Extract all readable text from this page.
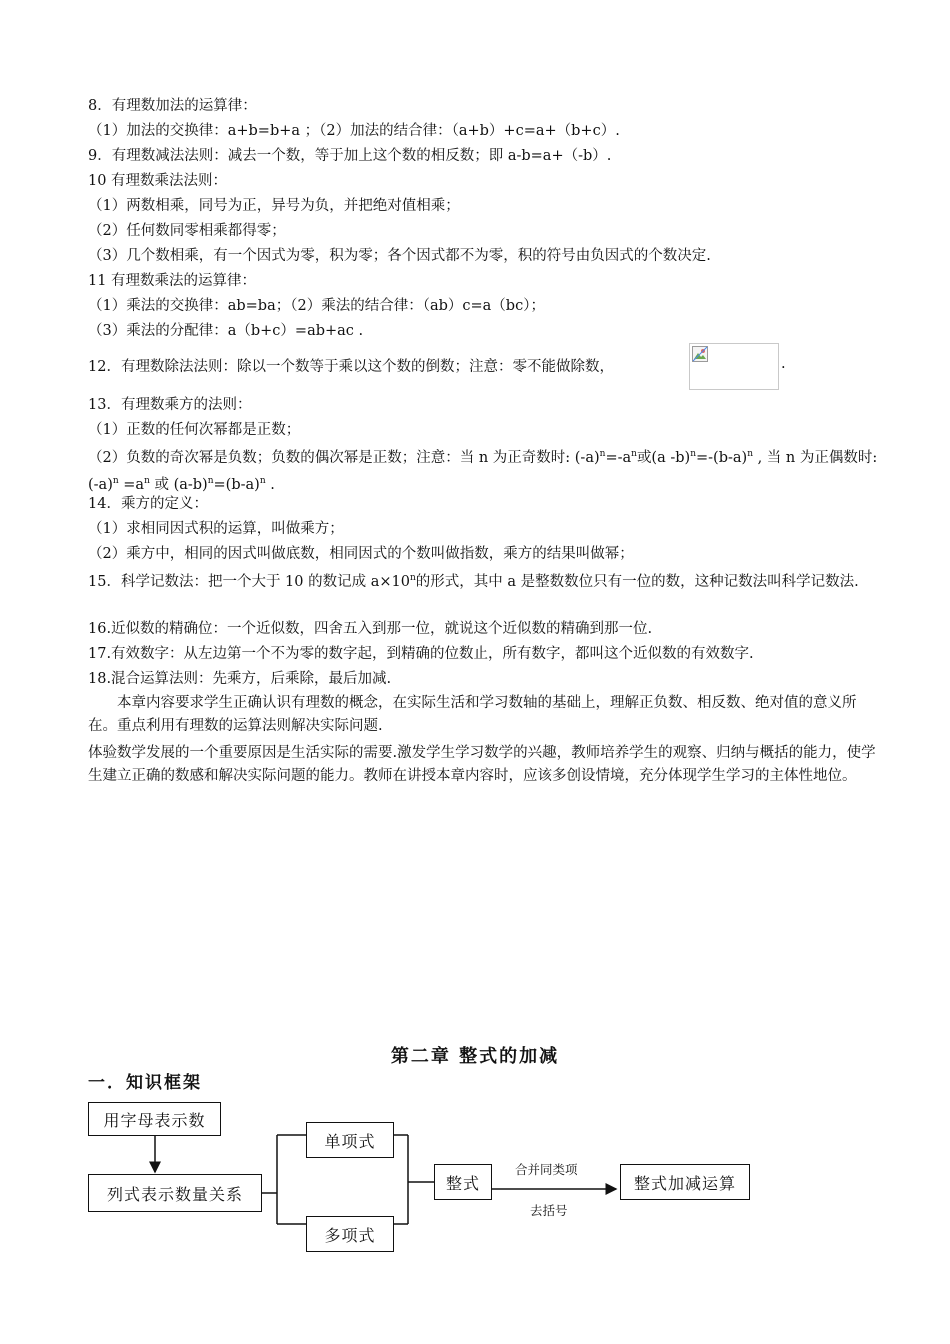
8．有理数加法的运算律：
（1）加法的交换律：a+b=b+a ；（2）加法的结合律：（a+b）+c=a+（b+c）.
9．有理数减法法则：减去一个数，等于加上这个数的相反数；即 a-b=a+（-b）.
10 有理数乘法法则：
（1）两数相乘，同号为正，异号为负，并把绝对值相乘；
（2）任何数同零相乘都得零；
（3）几个数相乘，有一个因式为零，积为零；各个因式都不为零，积的符号由负因式的个数决定.
11 有理数乘法的运算律：
（1）乘法的交换律：ab=ba；（2）乘法的结合律：（ab）c=a（bc）；
（3）乘法的分配律：a（b+c）=ab+ac .
12．有理数除法法则：除以一个数等于乘以这个数的倒数；注意：零不能做除数，	.
13．有理数乘方的法则：
（1）正数的任何次幂都是正数；
（2）负数的奇次幂是负数；负数的偶次幂是正数；注意：当 n 为正奇数时: $(-a)^n=-a^n$或(a $-b)^n=-(b-a)^n$ , 当 n 为正偶数时: $(-a)^n =a^n$ 或 $(a-b)^n=(b-a)^n$ .
14．乘方的定义：
（1）求相同因式积的运算，叫做乘方；
（2）乘方中，相同的因式叫做底数，相同因式的个数叫做指数，乘方的结果叫做幂；
15．科学记数法：把一个大于 10 的数记成 $a\times 10^n$的形式，其中 a 是整数数位只有一位的数，这种记数法叫科学记数法.
16.近似数的精确位：一个近似数，四舍五入到那一位，就说这个近似数的精确到那一位.
17.有效数字：从左边第一个不为零的数字起，到精确的位数止，所有数字，都叫这个近似数的有效数字.
18.混合运算法则：先乘方，后乘除，最后加减.
本章内容要求学生正确认识有理数的概念，在实际生活和学习数轴的基础上，理解正负数、相反数、绝对值的意义所在。重点利用有理数的运算法则解决实际问题.
体验数学发展的一个重要原因是生活实际的需要.激发学生学习数学的兴趣，教师培养学生的观察、归纳与概括的能力，使学生建立正确的数感和解决实际问题的能力。教师在讲授本章内容时，应该多创设情境，充分体现学生学习的主体性地位。
第二章 整式的加减
一．知识框架
用字母表示数
列式表示数量关系
单项式
多项式
整式	整式加减运算
合并同类项
去括号
